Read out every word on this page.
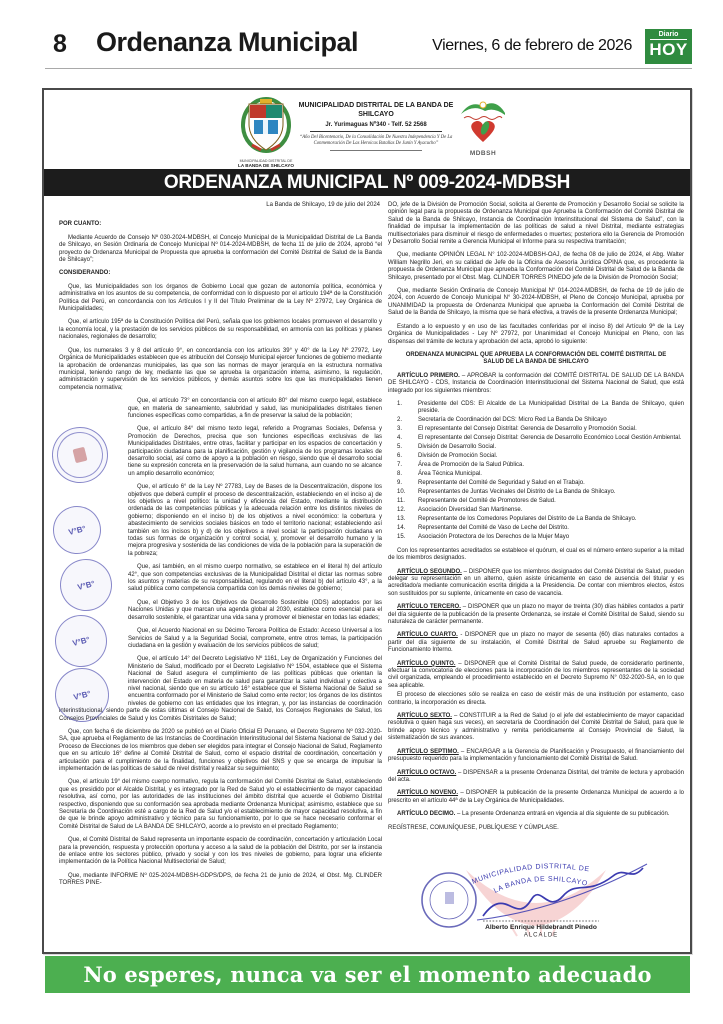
8 Ordenanza Municipal	Viernes, 6 de febrero de 2026
Diario
HOY
MUNICIPALIDAD DISTRITAL DE
LA BANDA DE SHILCAYO
MUNICIPALIDAD DISTRITAL DE LA BANDA DE SHILCAYO
Jr. Yurimaguas Nº340 - Telf. 52 2568
“Año Del Bicentenario, De la Consolidación De Nuestra Independencia Y De La Conmemoración De Las Heroicas Batallas De Junín Y Ayacucho”
MDBSH
ORDENANZA MUNICIPAL Nº 009-2024-MDBSH
La Banda de Shilcayo, 19 de julio del 2024

POR CUANTO:

Mediante Acuerdo de Consejo Nº 030-2024-MDBSH, el Concejo Municipal de la Municipalidad Distrital de La Banda de Shilcayo, en Sesión Ordinaria de Concejo Municipal Nº 014-2024-MDBSH, de fecha 11 de julio de 2024, aprobó “el proyecto de Ordenanza Municipal de Propuesta que aprueba la conformación del Comité Distrital de Salud de la Banda de Shilcayo”;

CONSIDERANDO:

Que, las Municipalidades son los órganos de Gobierno Local que gozan de autonomía política, económica y administrativa en los asuntos de su competencia, de conformidad con lo dispuesto por el artículo 194ª de la Constitución Política del Perú, en concordancia con los Artículos I y II del Título Preliminar de la Ley Nº 27972, Ley Orgánica de Municipalidades;

Que, el artículo 195ª de la Constitución Política del Perú, señala que los gobiernos locales promueven el desarrollo y la economía local, y la prestación de los servicios públicos de su responsabilidad, en armonía con las políticas y planes nacionales, regionales de desarrollo;

Que, los numerales 3 y 8 del artículo 9°, en concordancia con los artículos 39° y 40° de la Ley Nº 27972, Ley Orgánica de Municipalidades establecen que es atribución del Consejo Municipal ejercer funciones de gobierno mediante la aprobación de ordenanzas municipales, las que son las normas de mayor jerarquía en la estructura normativa municipal, teniendo rango de ley, mediante las que se aprueba la organización interna, asimismo, la regulación, administración y supervisión de los servicios públicos, y demás asuntos sobre los que las municipalidades tienen competencia normativa;

Que, el artículo 73° en concordancia con el artículo 80° del mismo cuerpo legal, establece que, en materia de saneamiento, salubridad y salud, las municipalidades distritales tienen funciones específicas como compartidas, a fin de preservar la salud de la población;

Que, el artículo 84° del mismo texto legal, referido a Programas Sociales, Defensa y Promoción de Derechos, precisa que son funciones específicas exclusivas de las Municipalidades Distritales, entre otras, facilitar y participar en los espacios de concertación y participación ciudadana para la planificación, gestión y vigilancia de los programas locales de desarrollo social, así como de apoyo a la población en riesgo, siendo que el desarrollo social tiene su expresión concreta en la preservación de la salud humana, aun cuando no se alcance un amplio desarrollo económico;

Que, el artículo 6° de la Ley Nº 27783, Ley de Bases de la Descentralización, dispone los objetivos que deberá cumplir el proceso de descentralización, estableciendo en el inciso a) de los objetivos a nivel político: la unidad y eficiencia del Estado, mediante la distribución ordenada de las competencias públicas y la adecuada relación entre los distintos niveles de gobierno; disponiendo en el inciso b) de los objetivos a nivel económico: la cobertura y abastecimiento de servicios sociales básicos en todo el territorio nacional; estableciendo así también en los incisos b) y d) de los objetivos a nivel social: la participación ciudadana en todas sus formas de organización y control social, y, promover el desarrollo humano y la mejora progresiva y sostenida de las condiciones de vida de la población para la superación de la pobreza;

Que, así también, en el mismo cuerpo normativo, se establece en el literal h) del artículo 42°, que son competencias exclusivas de la Municipalidad Distrital el dictar las normas sobre los asuntos y materias de su responsabilidad, regulando en el literal b) del artículo 43°, a la salud pública como competencia compartida con los demás niveles de gobierno;

Que, el Objetivo 3 de los Objetivos de Desarrollo Sostenible (ODS) adoptados por las Naciones Unidas y que marcan una agenda global al 2030, establece como esencial para el desarrollo sostenible, el garantizar una vida sana y promover el bienestar en todas las edades;

Que, el Acuerdo Nacional en su Décimo Tercera Política de Estado: Acceso Universal a los Servicios de Salud y a la Seguridad Social, compromete, entre otros temas, la participación ciudadana en la gestión y evaluación de los servicios públicos de salud;

Que, el artículo 14° del Decreto Legislativo Nº 1161, Ley de Organización y Funciones del Ministerio de Salud, modificado por el Decreto Legislativo Nº 1504, establece que el Sistema Nacional de Salud asegura el cumplimiento de las políticas públicas que orientan la intervención del Estado en materia de salud para garantizar la salud individual y colectiva a nivel nacional, siendo que en su artículo 16° establece que el Sistema Nacional de Salud se encuentra conformado por el Ministerio de Salud como ente rector; los órganos de los distintos niveles de gobierno con las entidades que los integran, y, por las instancias de coordinación interinstitucional, siendo parte de estas últimas el Consejo Nacional de Salud, los Consejos Regionales de Salud, los Consejos Provinciales de Salud y los Comités Distritales de Salud;

Que, con fecha 6 de diciembre de 2020 se publicó en el Diario Oficial El Peruano, el Decreto Supremo Nº 032-2020-SA, que aprueba el Reglamento de las Instancias de Coordinación Interinstitucional del Sistema Nacional de Salud y del Proceso de Elecciones de los miembros que deben ser elegidos para integrar el Consejo Nacional de Salud, Reglamento que en su artículo 16° define al Comité Distrital de Salud, como el espacio distrital de coordinación, concertación y articulación para el cumplimiento de la finalidad, funciones y objetivos del SNS y que se encarga de impulsar la implementación de las políticas de salud de nivel distrital y realizar su seguimiento;

Que, el artículo 19° del mismo cuerpo normativo, regula la conformación del Comité Distrital de Salud, estableciendo que es presidido por el Alcalde Distrital, y es integrado por la Red de Salud y/o el establecimiento de mayor capacidad resolutiva, así como, por las autoridades de las instituciones del ámbito distrital que acuerde el Gobierno Distrital respectivo, disponiendo que su conformación sea aprobada mediante Ordenanza Municipal; asimismo, establece que su Secretaría de Coordinación esté a cargo de la Red de Salud y/o el establecimiento de mayor capacidad resolutiva, a fin de que le brinde apoyo administrativo y técnico para su funcionamiento, por lo que se hace necesario conformar el Comité Distrital de Salud de LA BANDA DE SHILCAYO, acorde a lo previsto en el precitado Reglamento;

Que, el Comité Distrital de Salud representa un importante espacio de coordinación, concertación y articulación Local para la prevención, respuesta y protección oportuna y acceso a la salud de la población del Distrito, por ser la instancia de enlace entre los sectores público, privado y social y con los tres niveles de gobierno, para lograr una eficiente implementación de la Política Nacional Multisectorial de Salud;

Que, mediante INFORME Nº 025-2024-MDBSH-GDPS/DPS, de fecha 21 de junio de 2024, el Obst. Mg. CLINDER TORRES PINE-

DO, jefe de la División de Promoción Social, solicita al Gerente de Promoción y Desarrollo Social se solicite la opinión legal para la propuesta de Ordenanza Municipal que Aprueba la Conformación del Comité Distrital de Salud de la Banda de Shilcayo, Instancia de Coordinación Interinstitucional del Sistema de Salud”, con la finalidad de impulsar la implementación de las políticas de salud a nivel Distrital, mediante estrategias multisectoriales para disminuir el riesgo de enfermedades o muertes; posteriora ello la Gerencia de Promoción y Desarrollo Social remite a Gerencia Municipal el Informe para su respectiva tramitación;

Que, mediante OPINIÓN LEGAL N° 102-2024-MDBSH-OAJ, de fecha 08 de julio de 2024, el Abg. Walter William Negrillo Jeri, en su calidad de Jefe de la Oficina de Asesoría Jurídica OPINA que, es procedente la propuesta de Ordenanza Municipal que aprueba la Conformación del Comité Distrital de Salud de la Banda de Shilcayo, presentado por el Obst. Mag. CLINDER TORRES PINEDO jefe de la División de Promoción Social;

Que, mediante Sesión Ordinaria de Concejo Municipal N° 014-2024-MDBSH, de fecha de 19 de julio de 2024, con Acuerdo de Concejo Municipal N° 30-2024-MDBSH, el Pleno de Concejo Municipal, aprueba por UNANIMIDAD la propuesta de Ordenanza Municipal que aprueba la Conformación del Comité Distrital de Salud de la Banda de Shilcayo, la misma que se hará efectiva, a través de la presente Ordenanza Municipal;

Estando a lo expuesto y en uso de las facultades conferidas por el inciso 8) del Artículo 9ª de la Ley Orgánica de Municipalidades - Ley Nº 27972, por Unanimidad el Concejo Municipal en Pleno, con las dispensas del trámite de lectura y aprobación del acta, aprobó lo siguiente:

ORDENANZA MUNICIPAL QUE APRUEBA LA CONFORMACIÓN DEL COMITÉ DISTRITAL DE SALUD DE LA BANDA DE SHILCAYO

ARTÍCULO PRIMERO. – APROBAR la conformación del COMITÉ DISTRITAL DE SALUD DE LA BANDA DE SHILCAYO - CDS, Instancia de Coordinación Interinstitucional del Sistema Nacional de Salud, que está integrado por los siguientes miembros:

1.	Presidente del CDS: El Alcalde de La Municipalidad Distrital de La Banda de Shilcayo, quien preside.
2.	Secretaría de Coordinación del DCS: Micro Red La Banda De Shilcayo
3.	El representante del Consejo Distrital: Gerencia de Desarrollo y Promoción Social.
4.	El representante del Consejo Distrital: Gerencia de Desarrollo Económico Local Gestión Ambiental.
5.	División de Desarrollo Social.
6.	División de Promoción Social.
7.	Área de Promoción de la Salud Pública.
8.	Área Técnica Municipal.
9.	Representante del Comité de Seguridad y Salud en el Trabajo.
10.	Representantes de Juntas Vecinales del Distrito de La Banda de Shilcayo.
11.	Representante del Comité de Promotores de Salud.
12.	Asociación Diversidad San Martinense.
13.	Representante de los Comedores Populares del Distrito de La Banda de Shilcayo.
14.	Representante del Comité de Vaso de Leche del Distrito.
15.	Asociación Protectora de los Derechos de la Mujer Mayo

Con los representantes acreditados se establece el quórum, el cual es el número entero superior a la mitad de los miembros designados.

ARTÍCULO SEGUNDO. – DISPONER que los miembros designados del Comité Distrital de Salud, pueden delegar su representación en un alterno, quien asiste únicamente en caso de ausencia del titular y es acreditado/a mediante comunicación escrita dirigida a la Presidencia. De contar con miembros electos, éstos son sustituidos por su suplente, únicamente en caso de vacancia.

ARTÍCULO TERCERO. – DISPONER que un plazo no mayor de treinta (30) días hábiles contados a partir del día siguiente de la publicación de la presente Ordenanza, se instale el Comité Distrital de Salud, siendo su naturaleza de carácter permanente.

ARTÍCULO CUARTO. - DISPONER que un plazo no mayor de sesenta (60) días naturales contados a partir del día siguiente de su instalación, el Comité Distrital de Salud apruebe su Reglamento de Funcionamiento Interno.

ARTÍCULO QUINTO. – DISPONER que el Comité Distrital de Salud puede, de considerarlo pertinente, efectuar la convocatoria de elecciones para la incorporación de los miembros representantes de la sociedad civil organizada, empleando el procedimiento establecido en el Decreto Supremo N° 032-2020-SA, en lo que sea aplicable.

El proceso de elecciones sólo se realiza en caso de existir más de una institución por estamento, caso contrario, la incorporación es directa.

ARTÍCULO SEXTO. – CONSTITUIR a la Red de Salud (o el jefe del establecimiento de mayor capacidad resolutiva o quien haga sus veces), en secretaría de Coordinación del Comité Distrital de Salud, para que le brinde apoyo técnico y administrativo y remita periódicamente al Consejo Provincial de Salud, la sistematización de sus avances.

ARTÍCULO SEPTIMO. – ENCARGAR a la Gerencia de Planificación y Presupuesto, el financiamiento del presupuesto requerido para la implementación y funcionamiento del Comité Distrital de Salud.

ARTÍCULO OCTAVO. – DISPENSAR a la presente Ordenanza Distrital, del trámite de lectura y aprobación del acta.

ARTÍCULO NOVENO. – DISPONER la publicación de la presente Ordenanza Municipal de acuerdo a lo prescrito en el artículo 44ª de la Ley Orgánica de Municipalidades.

ARTÍCULO DECIMO. – La presente Ordenanza entrará en vigencia al día siguiente de su publicación.

REGÍSTRESE, COMUNÍQUESE, PUBLÍQUESE Y CÚMPLASE.

MUNICIPALIDAD DISTRITAL DE
LA BANDA DE SHILCAYO
Alberto Enrique Hildebrandt Pinedo
ALCALDE
V°B°
V°B°
V°B°
V°B°
No esperes, nunca va ser el momento adecuado
